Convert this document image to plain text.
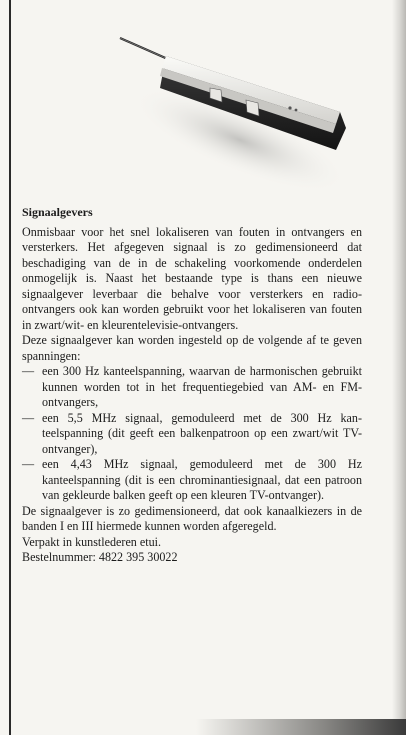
Signaalgevers

Onmisbaar voor het snel lokaliseren van fouten in ontvangers en versterkers. Het afgegeven signaal is zo gedimensioneerd dat beschadiging van de in de schakeling voorkomende onderdelen onmogelijk is. Naast het bestaande type is thans een nieuwe signaalgever leverbaar die behalve voor versterkers en radio-ontvangers ook kan worden gebruikt voor het lokaliseren van fouten in zwart/wit- en kleurentelevisie-ontvangers.

Deze signaalgever kan worden ingesteld op de volgende af te geven spanningen:

— een 300 Hz kanteelspanning, waarvan de harmonischen gebruikt kunnen worden tot in het frequentiegebied van AM- en FM-ontvangers,
— een 5,5 MHz signaal, gemoduleerd met de 300 Hz kanteelspanning (dit geeft een balkenpatroon op een zwart/wit TV-ontvanger),
— een 4,43 MHz signaal, gemoduleerd met de 300 Hz kanteelspanning (dit is een chrominantiesignaal, dat een patroon van gekleurde balken geeft op een kleuren TV-ontvanger).

De signaalgever is zo gedimensioneerd, dat ook kanaalkiezers in de banden I en III hiermede kunnen worden afgeregeld.

Verpakt in kunstlederen etui.

Bestelnummer: 4822 395 30022
